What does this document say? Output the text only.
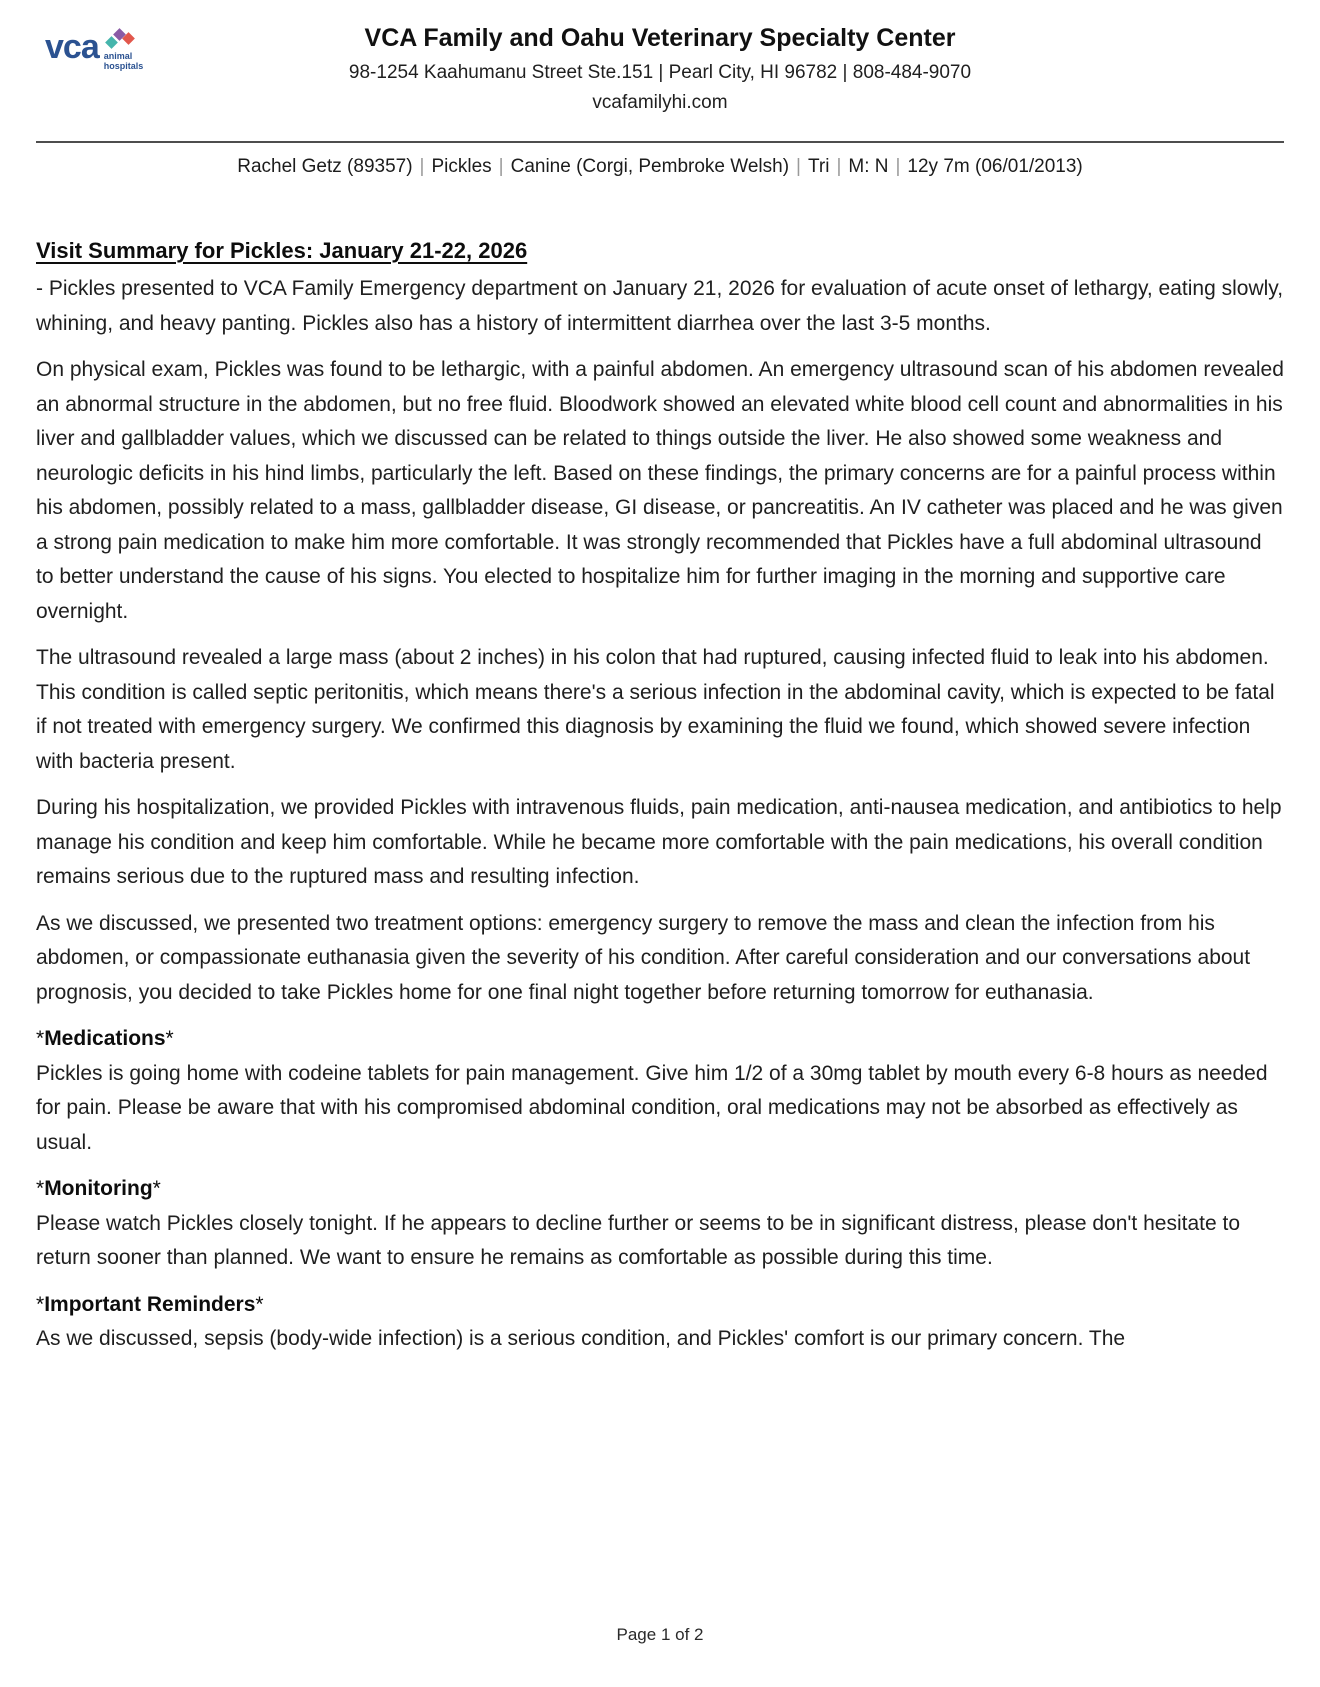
vca animal
hospitals
VCA Family and Oahu Veterinary Specialty Center
98-1254 Kaahumanu Street Ste.151 | Pearl City, HI 96782 | 808-484-9070
vcafamilyhi.com
Rachel Getz (89357) | Pickles | Canine (Corgi, Pembroke Welsh) | Tri | M: N | 12y 7m (06/01/2013)
Visit Summary for Pickles: January 21-22, 2026

- Pickles presented to VCA Family Emergency department on January 21, 2026 for evaluation of acute onset of lethargy, eating slowly, whining, and heavy panting. Pickles also has a history of intermittent diarrhea over the last 3-5 months.

On physical exam, Pickles was found to be lethargic, with a painful abdomen. An emergency ultrasound scan of his abdomen revealed an abnormal structure in the abdomen, but no free fluid. Bloodwork showed an elevated white blood cell count and abnormalities in his liver and gallbladder values, which we discussed can be related to things outside the liver. He also showed some weakness and neurologic deficits in his hind limbs, particularly the left. Based on these findings, the primary concerns are for a painful process within his abdomen, possibly related to a mass, gallbladder disease, GI disease, or pancreatitis. An IV catheter was placed and he was given a strong pain medication to make him more comfortable. It was strongly recommended that Pickles have a full abdominal ultrasound to better understand the cause of his signs. You elected to hospitalize him for further imaging in the morning and supportive care overnight.

The ultrasound revealed a large mass (about 2 inches) in his colon that had ruptured, causing infected fluid to leak into his abdomen. This condition is called septic peritonitis, which means there's a serious infection in the abdominal cavity, which is expected to be fatal if not treated with emergency surgery. We confirmed this diagnosis by examining the fluid we found, which showed severe infection with bacteria present.

During his hospitalization, we provided Pickles with intravenous fluids, pain medication, anti-nausea medication, and antibiotics to help manage his condition and keep him comfortable. While he became more comfortable with the pain medications, his overall condition remains serious due to the ruptured mass and resulting infection.

As we discussed, we presented two treatment options: emergency surgery to remove the mass and clean the infection from his abdomen, or compassionate euthanasia given the severity of his condition. After careful consideration and our conversations about prognosis, you decided to take Pickles home for one final night together before returning tomorrow for euthanasia.

*Medications*

Pickles is going home with codeine tablets for pain management. Give him 1/2 of a 30mg tablet by mouth every 6-8 hours as needed for pain. Please be aware that with his compromised abdominal condition, oral medications may not be absorbed as effectively as usual.

*Monitoring*

Please watch Pickles closely tonight. If he appears to decline further or seems to be in significant distress, please don't hesitate to return sooner than planned. We want to ensure he remains as comfortable as possible during this time.

*Important Reminders*

As we discussed, sepsis (body-wide infection) is a serious condition, and Pickles' comfort is our primary concern. The

Page 1 of 2
